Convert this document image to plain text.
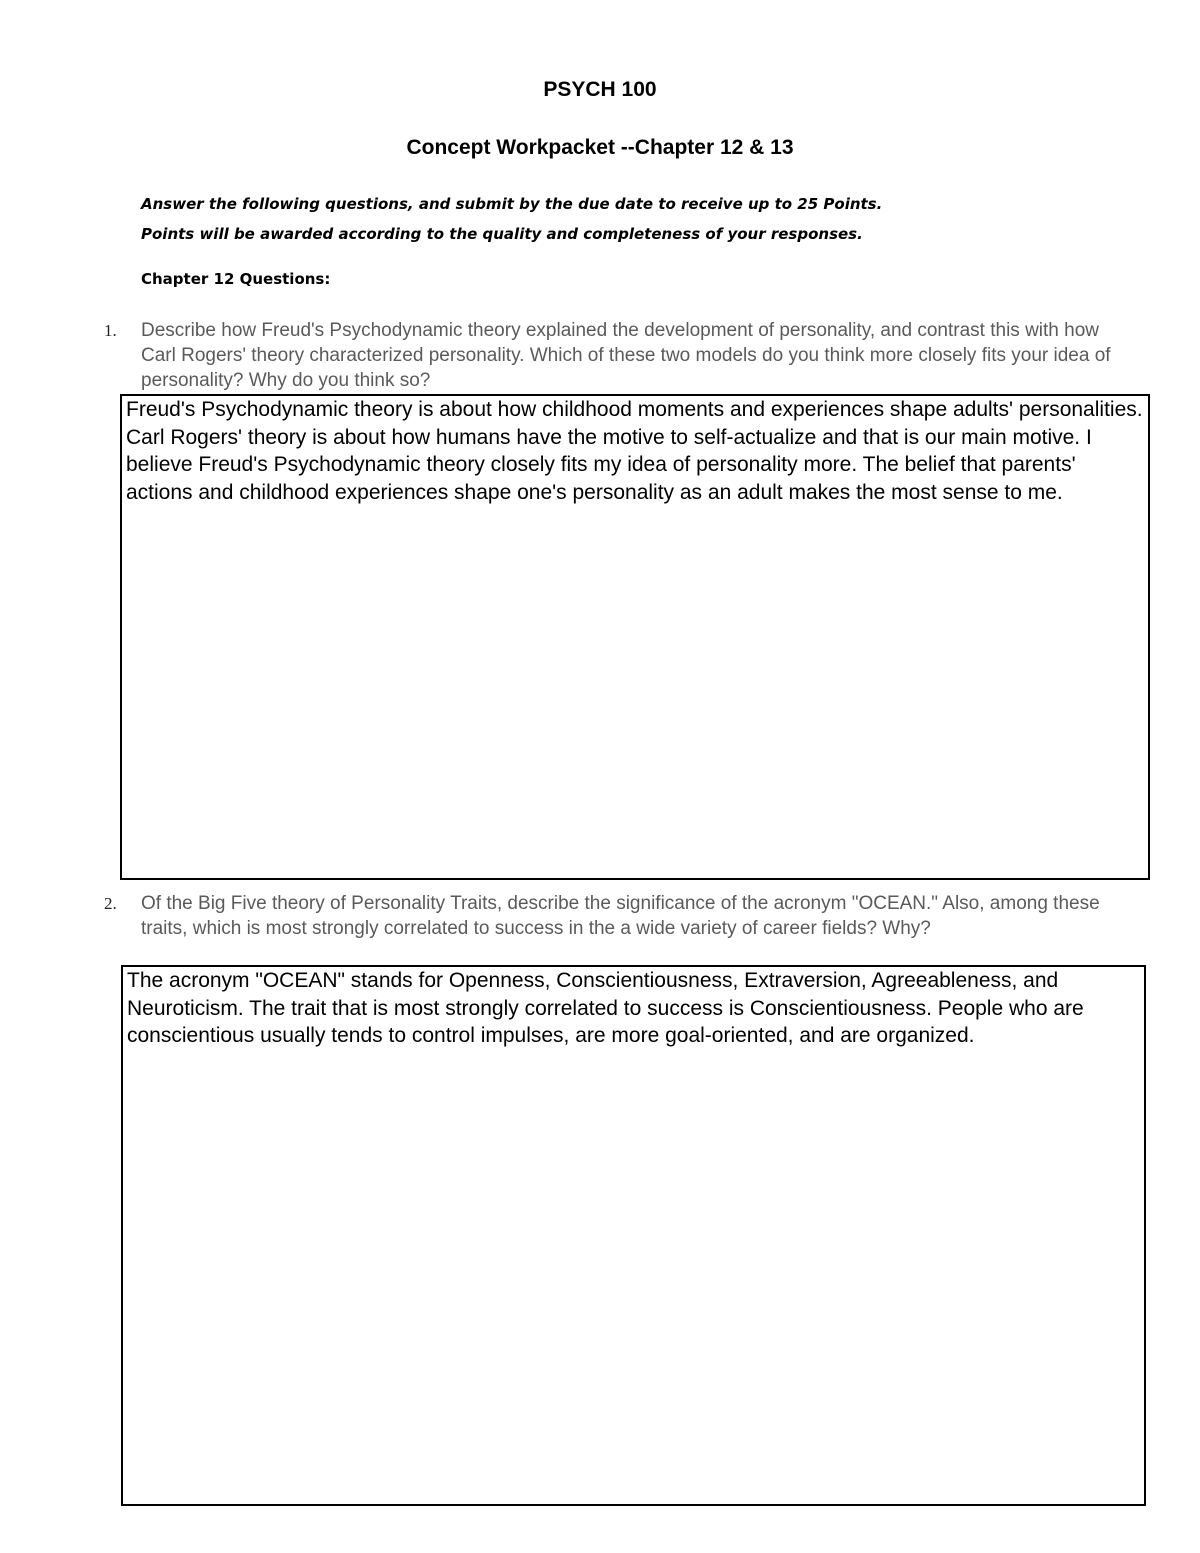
PSYCH 100
Concept Workpacket --Chapter 12 & 13
Answer the following questions, and submit by the due date to receive up to 25 Points.
Points will be awarded according to the quality and completeness of your responses.
Chapter 12 Questions:
1. Describe how Freud's Psychodynamic theory explained the development of personality, and contrast this with how Carl Rogers' theory characterized personality. Which of these two models do you think more closely fits your idea of personality? Why do you think so?
Freud's Psychodynamic theory is about how childhood moments and experiences shape adults' personalities. Carl Rogers' theory is about how humans have the motive to self-actualize and that is our main motive. I believe Freud's Psychodynamic theory closely fits my idea of personality more. The belief that parents' actions and childhood experiences shape one's personality as an adult makes the most sense to me.
2. Of the Big Five theory of Personality Traits, describe the significance of the acronym "OCEAN." Also, among these traits, which is most strongly correlated to success in the a wide variety of career fields? Why?
The acronym "OCEAN" stands for Openness, Conscientiousness, Extraversion, Agreeableness, and Neuroticism. The trait that is most strongly correlated to success is Conscientiousness. People who are conscientious usually tends to control impulses, are more goal-oriented, and are organized.
